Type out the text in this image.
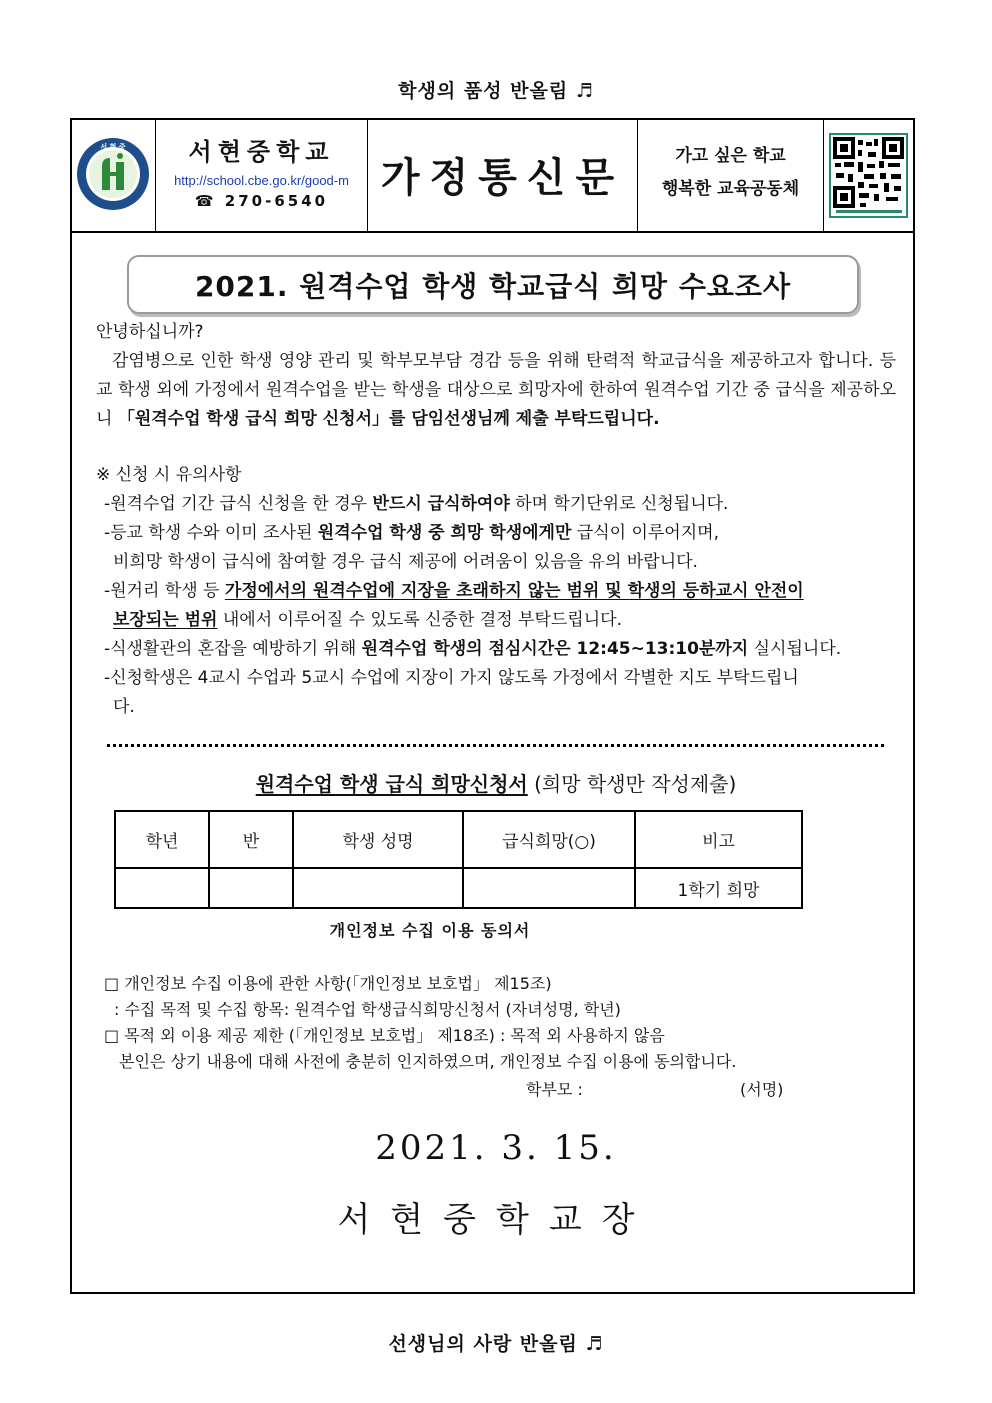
학생의 품성 반올림 ♬
서 현 중	서현중학교
http://school.cbe.go.kr/good-m
☎ 270-6540	가정통신문	가고 싶은 학교
행복한 교육공동체
2021. 원격수업 학생 학교급식 희망 수요조사
안녕하십니까?
감염병으로 인한 학생 영양 관리 및 학부모부담 경감 등을 위해 탄력적 학교급식을 제공하고자 합니다. 등교 학생 외에 가정에서 원격수업을 받는 학생을 대상으로 희망자에 한하여 원격수업 기간 중 급식을 제공하오니 「원격수업 학생 급식 희망 신청서」를 담임선생님께 제출 부탁드립니다.
※ 신청 시 유의사항
-원격수업 기간 급식 신청을 한 경우 반드시 급식하여야 하며 학기단위로 신청됩니다.
-등교 학생 수와 이미 조사된 원격수업 학생 중 희망 학생에게만 급식이 이루어지며,
비희망 학생이 급식에 참여할 경우 급식 제공에 어려움이 있음을 유의 바랍니다.
-원거리 학생 등 가정에서의 원격수업에 지장을 초래하지 않는 범위 및 학생의 등하교시 안전이
보장되는 범위 내에서 이루어질 수 있도록 신중한 결정 부탁드립니다.
-식생활관의 혼잡을 예방하기 위해 원격수업 학생의 점심시간은 12:45~13:10분까지 실시됩니다.
-신청학생은 4교시 수업과 5교시 수업에 지장이 가지 않도록 가정에서 각별한 지도 부탁드립니
다.
원격수업 학생 급식 희망신청서 (희망 학생만 작성제출)
학년	반	학생 성명	급식희망(○)	비고
				1학기 희망
개인정보 수집 이용 동의서
□ 개인정보 수집 이용에 관한 사항(「개인정보 보호법」 제15조)
: 수집 목적 및 수집 항목: 원격수업 학생급식희망신청서 (자녀성명, 학년)
□ 목적 외 이용 제공 제한 (「개인정보 보호법」 제18조) : 목적 외 사용하지 않음
본인은 상기 내용에 대해 사전에 충분히 인지하였으며, 개인정보 수집 이용에 동의합니다.
학부모 :	(서명)
2021. 3. 15.
서현중학교장
선생님의 사랑 반올림 ♬
